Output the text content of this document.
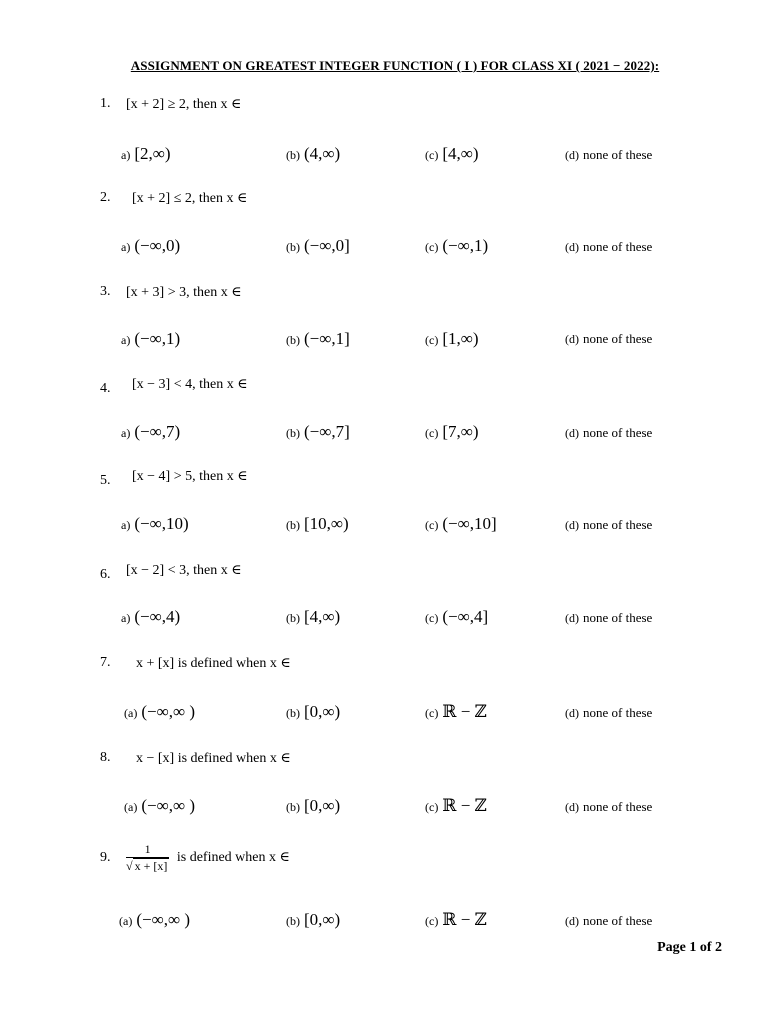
ASSIGNMENT ON GREATEST INTEGER FUNCTION ( I ) FOR CLASS XI ( 2021 − 2022):
1. [x + 2] ≥ 2, then x ∈
a) [2,∞)	(b) (4,∞)	(c) [4,∞)	(d) none of these
2. [x + 2] ≤ 2, then x ∈
a) (−∞,0)	(b) (−∞,0]	(c) (−∞,1)	(d) none of these
3. [x + 3] > 3, then x ∈
a) (−∞,1)	(b) (−∞,1]	(c) [1,∞)	(d) none of these
4. [x − 3] < 4, then x ∈
a) (−∞,7)	(b) (−∞,7]	(c) [7,∞)	(d) none of these
5. [x − 4] > 5, then x ∈
a) (−∞,10)	(b) [10,∞)	(c) (−∞,10]	(d) none of these
6. [x − 2] < 3, then x ∈
a) (−∞,4)	(b) [4,∞)	(c) (−∞,4]	(d) none of these
7. x + [x] is defined when x ∈
(a) (−∞,∞ )	(b) [0,∞)	(c) ℝ − ℤ	(d) none of these
8. x − [x] is defined when x ∈
(a) (−∞,∞ )	(b) [0,∞)	(c) ℝ − ℤ	(d) none of these
9. $\frac{1}{√ x + [x]}$ is defined when x ∈
(a) (−∞,∞ )	(b) [0,∞)	(c) ℝ − ℤ	(d) none of these
Page 1 of 2
